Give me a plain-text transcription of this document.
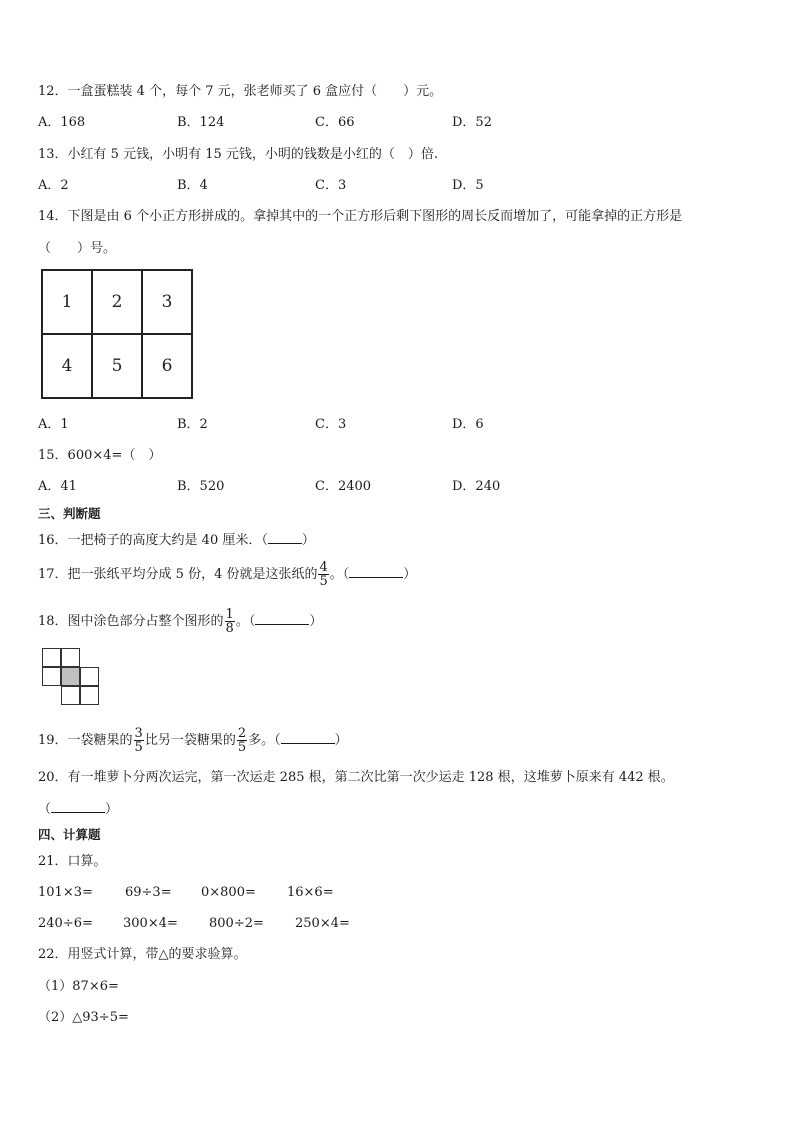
12．一盒蛋糕装 4 个，每个 7 元，张老师买了 6 盒应付（　　）元。
A．168	B．124	C．66	D．52
13．小红有 5 元钱，小明有 15 元钱，小明的钱数是小红的（　）倍.
A．2	B．4	C．3	D．5
14．下图是由 6 个小正方形拼成的。拿掉其中的一个正方形后剩下图形的周长反而增加了，可能拿掉的正方形是
（　　）号。
1	2	3
4	5	6
A．1	B．2	C．3	D．6
15．600×4=（　）
A．41	B．520	C．2400	D．240
三、判断题
16．一把椅子的高度大约是 40 厘米．（	）
17．把一张纸平均分成 5 份，4 份就是这张纸的 $\frac{4}{5}$ 。（	）
18．图中涂色部分占整个图形的 $\frac{1}{8}$ 。（	）
19．一袋糖果的 $\frac{3}{5}$ 比另一袋糖果的 $\frac{2}{5}$ 多。（	）
20．有一堆萝卜分两次运完，第一次运走 285 根，第二次比第一次少运走 128 根，这堆萝卜原来有 442 根。
（	）
四、计算题
21．口算。
101×3= 69÷3= 0×800= 16×6=
240÷6= 300×4= 800÷2= 250×4=
22．用竖式计算，带△的要求验算。
（1）87×6=
（2）△93÷5=
